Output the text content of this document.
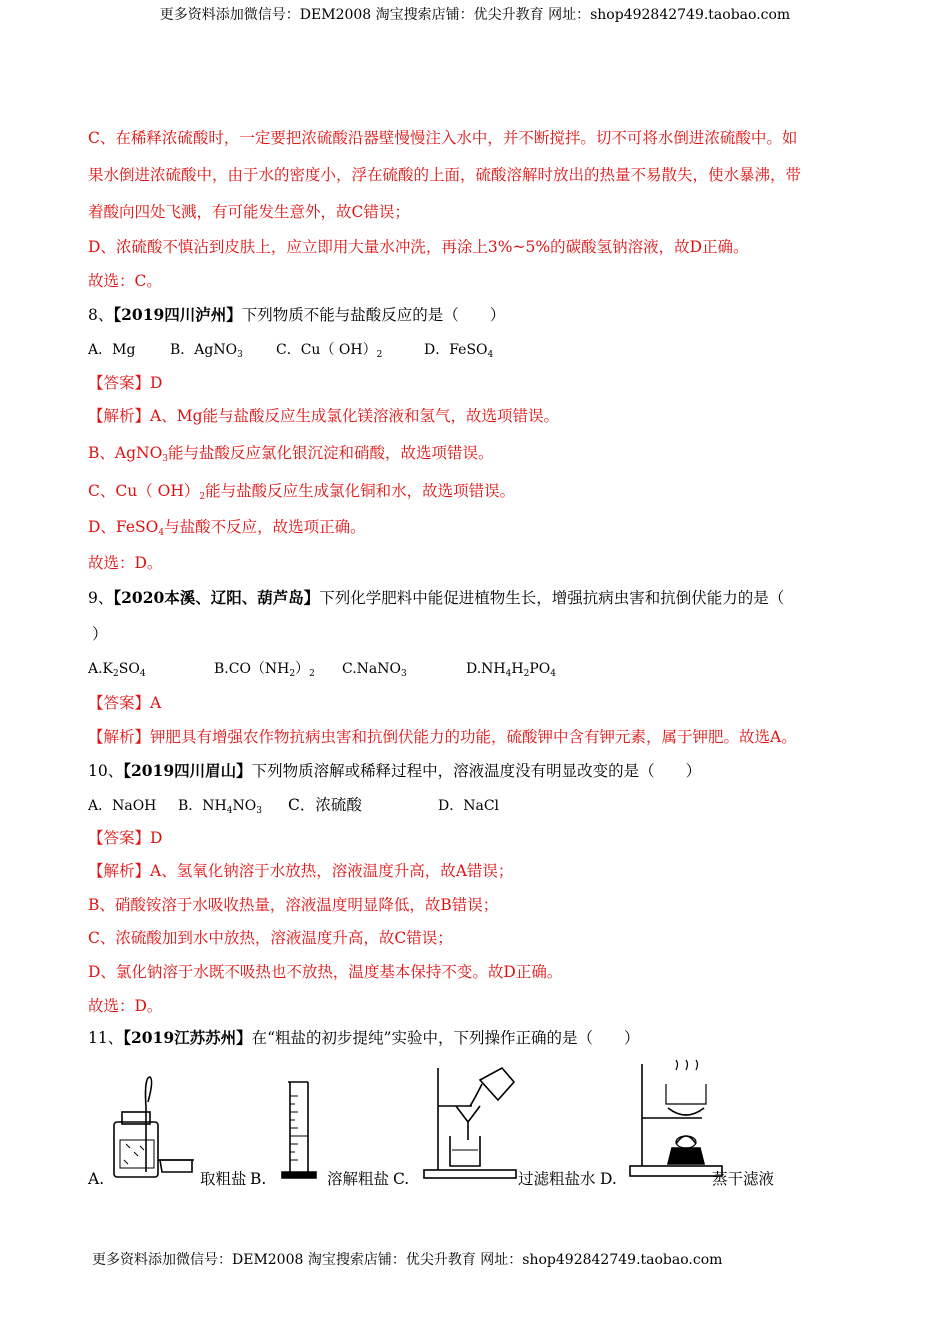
更多资料添加微信号：DEM2008 淘宝搜索店铺：优尖升教育 网址：shop492842749.taobao.com
C、在稀释浓硫酸时，一定要把浓硫酸沿器壁慢慢注入水中，并不断搅拌。切不可将水倒进浓硫酸中。如
果水倒进浓硫酸中，由于水的密度小，浮在硫酸的上面，硫酸溶解时放出的热量不易散失，使水暴沸，带
着酸向四处飞溅，有可能发生意外，故C错误；
D、浓硫酸不慎沾到皮肤上，应立即用大量水冲洗，再涂上3%~5%的碳酸氢钠溶液，故D正确。
故选：C。
8、【2019四川泸州】下列物质不能与盐酸反应的是（　　）
A．Mg B．AgNO$_3$ C．Cu（ $OH)_2$	D．FeSO$_4$
【答案】D
【解析】A、Mg能与盐酸反应生成氯化镁溶液和氢气，故选项错误。
B、AgNO$_3$能与盐酸反应氯化银沉淀和硝酸，故选项错误。
C、Cu（ $OH)_2$能与盐酸反应生成氯化铜和水，故选项错误。
D、FeSO$_4$与盐酸不反应，故选项正确。
故选：D。
9、【2020本溪、辽阳、葫芦岛】下列化学肥料中能促进植物生长，增强抗病虫害和抗倒伏能力的是（
）
$A.K_2SO_4$	$B.CO(NH_2)_2$ C.NaNO$_3$	$D.NH_4H_2PO_4$
【答案】A
【解析】钾肥具有增强农作物抗病虫害和抗倒伏能力的功能，硫酸钾中含有钾元素，属于钾肥。故选A。
10、【2019四川眉山】下列物质溶解或稀释过程中，溶液温度没有明显改变的是（　　）
A．NaOH B．$NH_4NO_3$ C．浓硫酸	D．NaCl
【答案】D
【解析】A、氢氧化钠溶于水放热，溶液温度升高，故A错误；
B、硝酸铵溶于水吸收热量，溶液温度明显降低，故B错误；
C、浓硫酸加到水中放热，溶液温度升高，故C错误；
D、氯化钠溶于水既不吸热也不放热，温度基本保持不变。故D正确。
故选：D。
11、【2019江苏苏州】在“粗盐的初步提纯”实验中，下列操作正确的是（　　）
A.	取粗盐 B.	溶解粗盐 C.	过滤粗盐水 D.	蒸干滤液
更多资料添加微信号：DEM2008 淘宝搜索店铺：优尖升教育 网址：shop492842749.taobao.com
